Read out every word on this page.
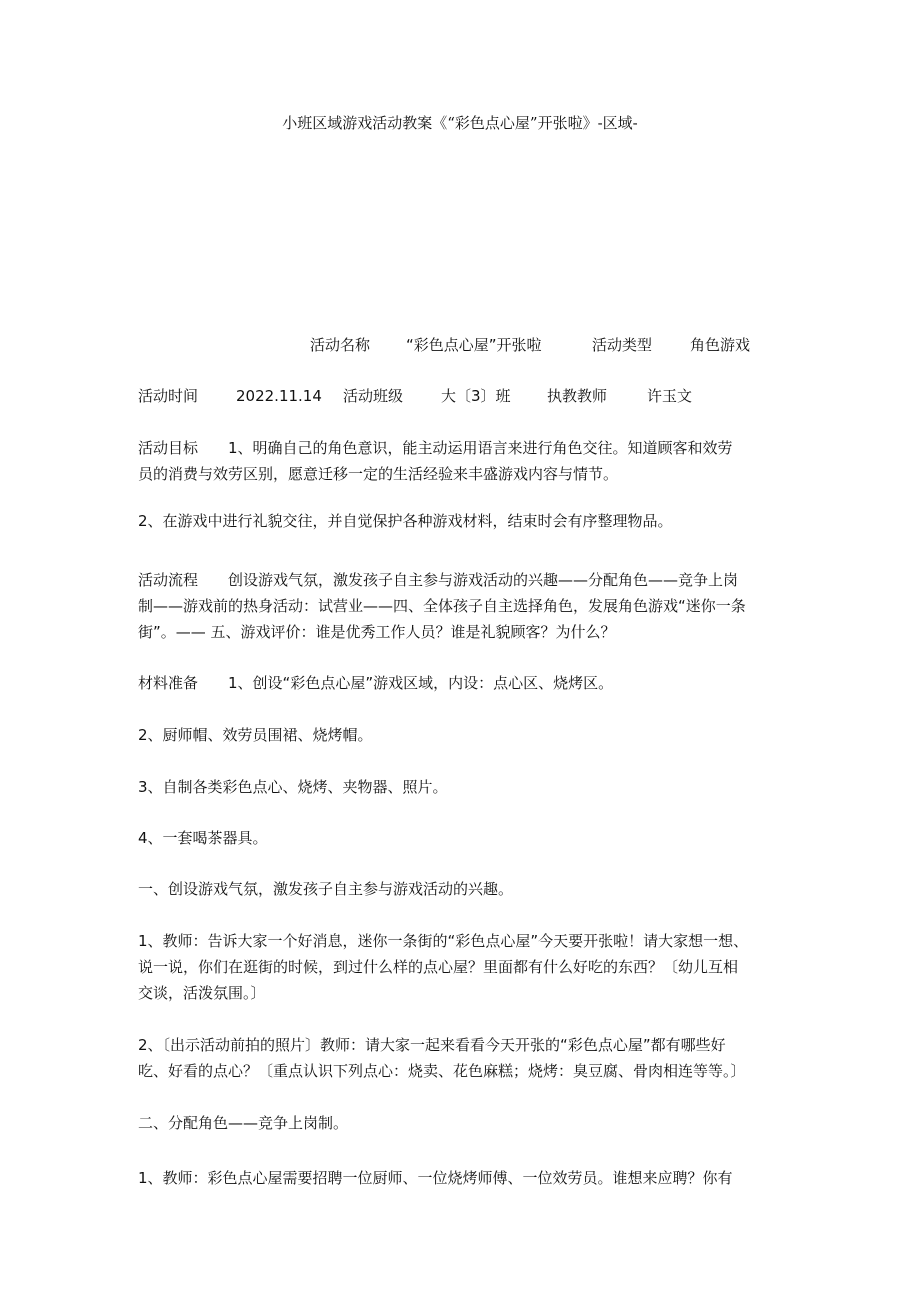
小班区域游戏活动教案《“彩色点心屋”开张啦》-区域-
活动名称 “彩色点心屋”开张啦	活动类型	角色游戏
活动时间	2022.11.14 活动班级	大〔3〕班 执教教师	许玉文
活动目标　　1、明确自己的角色意识，能主动运用语言来进行角色交往。知道顾客和效劳
员的消费与效劳区别，愿意迁移一定的生活经验来丰盛游戏内容与情节。
2、在游戏中进行礼貌交往，并自觉保护各种游戏材料，结束时会有序整理物品。
活动流程　　创设游戏气氛，激发孩子自主参与游戏活动的兴趣——分配角色——竞争上岗
制——游戏前的热身活动：试营业——四、全体孩子自主选择角色，发展角色游戏“迷你一条
街”。—— 五、游戏评价：谁是优秀工作人员？谁是礼貌顾客？为什么？
材料准备　　1、创设“彩色点心屋”游戏区域，内设：点心区、烧烤区。
2、厨师帽、效劳员围裙、烧烤帽。
3、自制各类彩色点心、烧烤、夹物器、照片。
4、一套喝茶器具。
一、创设游戏气氛，激发孩子自主参与游戏活动的兴趣。
1、教师：告诉大家一个好消息，迷你一条街的“彩色点心屋”今天要开张啦！请大家想一想、
说一说，你们在逛街的时候，到过什么样的点心屋？里面都有什么好吃的东西？〔幼儿互相
交谈，活泼氛围。〕
2、〔出示活动前拍的照片〕教师：请大家一起来看看今天开张的“彩色点心屋”都有哪些好
吃、好看的点心？〔重点认识下列点心：烧卖、花色麻糕；烧烤：臭豆腐、骨肉相连等等。〕
二、分配角色——竞争上岗制。
1、教师：彩色点心屋需要招聘一位厨师、一位烧烤师傅、一位效劳员。谁想来应聘？你有
